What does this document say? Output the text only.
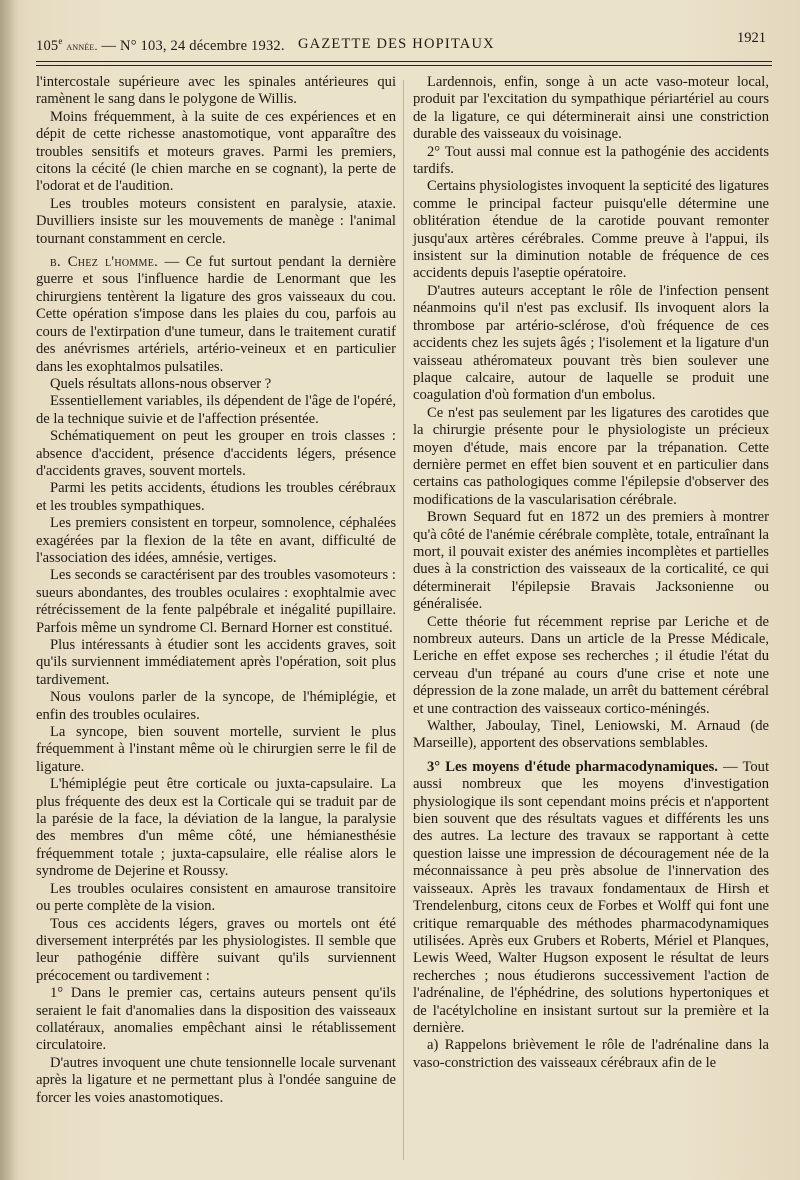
105e année. — N° 103, 24 décembre 1932. GAZETTE DES HOPITAUX	1921

l'intercostale supérieure avec les spinales antérieures qui ramènent le sang dans le polygone de Willis.

Moins fréquemment, à la suite de ces expériences et en dépit de cette richesse anastomotique, vont apparaître des troubles sensitifs et moteurs graves. Parmi les premiers, citons la cécité (le chien marche en se cognant), la perte de l'odorat et de l'audition.

Les troubles moteurs consistent en paralysie, ataxie. Duvilliers insiste sur les mouvements de manège : l'animal tournant constamment en cercle.

b. Chez l'homme. — Ce fut surtout pendant la dernière guerre et sous l'influence hardie de Lenormant que les chirurgiens tentèrent la ligature des gros vaisseaux du cou. Cette opération s'impose dans les plaies du cou, parfois au cours de l'extirpation d'une tumeur, dans le traitement curatif des anévrismes artériels, artério-veineux et en particulier dans les exophtalmos pulsatiles.

Quels résultats allons-nous observer ?

Essentiellement variables, ils dépendent de l'âge de l'opéré, de la technique suivie et de l'affection présentée.

Schématiquement on peut les grouper en trois classes : absence d'accident, présence d'accidents légers, présence d'accidents graves, souvent mortels.

Parmi les petits accidents, étudions les troubles cérébraux et les troubles sympathiques.

Les premiers consistent en torpeur, somnolence, céphalées exagérées par la flexion de la tête en avant, difficulté de l'association des idées, amnésie, vertiges.

Les seconds se caractérisent par des troubles vasomoteurs : sueurs abondantes, des troubles oculaires : exophtalmie avec rétrécissement de la fente palpébrale et inégalité pupillaire. Parfois même un syndrome Cl. Bernard Horner est constitué.

Plus intéressants à étudier sont les accidents graves, soit qu'ils surviennent immédiatement après l'opération, soit plus tardivement.

Nous voulons parler de la syncope, de l'hémiplégie, et enfin des troubles oculaires.

La syncope, bien souvent mortelle, survient le plus fréquemment à l'instant même où le chirurgien serre le fil de ligature.

L'hémiplégie peut être corticale ou juxta-capsulaire. La plus fréquente des deux est la Corticale qui se traduit par de la parésie de la face, la déviation de la langue, la paralysie des membres d'un même côté, une hémianesthésie fréquemment totale ; juxta-capsulaire, elle réalise alors le syndrome de Dejerine et Roussy.

Les troubles oculaires consistent en amaurose transitoire ou perte complète de la vision.

Tous ces accidents légers, graves ou mortels ont été diversement interprétés par les physiologistes. Il semble que leur pathogénie diffère suivant qu'ils surviennent précocement ou tardivement :

1° Dans le premier cas, certains auteurs pensent qu'ils seraient le fait d'anomalies dans la disposition des vaisseaux collatéraux, anomalies empêchant ainsi le rétablissement circulatoire.

D'autres invoquent une chute tensionnelle locale survenant après la ligature et ne permettant plus à l'ondée sanguine de forcer les voies anastomotiques.

Lardennois, enfin, songe à un acte vaso-moteur local, produit par l'excitation du sympathique périartériel au cours de la ligature, ce qui déterminerait ainsi une constriction durable des vaisseaux du voisinage.

2° Tout aussi mal connue est la pathogénie des accidents tardifs.

Certains physiologistes invoquent la septicité des ligatures comme le principal facteur puisqu'elle détermine une oblitération étendue de la carotide pouvant remonter jusqu'aux artères cérébrales. Comme preuve à l'appui, ils insistent sur la diminution notable de fréquence de ces accidents depuis l'aseptie opératoire.

D'autres auteurs acceptant le rôle de l'infection pensent néanmoins qu'il n'est pas exclusif. Ils invoquent alors la thrombose par artério-sclérose, d'où fréquence de ces accidents chez les sujets âgés ; l'isolement et la ligature d'un vaisseau athéromateux pouvant très bien soulever une plaque calcaire, autour de laquelle se produit une coagulation d'où formation d'un embolus.

Ce n'est pas seulement par les ligatures des carotides que la chirurgie présente pour le physiologiste un précieux moyen d'étude, mais encore par la trépanation. Cette dernière permet en effet bien souvent et en particulier dans certains cas pathologiques comme l'épilepsie d'observer des modifications de la vascularisation cérébrale.

Brown Sequard fut en 1872 un des premiers à montrer qu'à côté de l'anémie cérébrale complète, totale, entraînant la mort, il pouvait exister des anémies incomplètes et partielles dues à la constriction des vaisseaux de la corticalité, ce qui déterminerait l'épilepsie Bravais Jacksonienne ou généralisée.

Cette théorie fut récemment reprise par Leriche et de nombreux auteurs. Dans un article de la Presse Médicale, Leriche en effet expose ses recherches ; il étudie l'état du cerveau d'un trépané au cours d'une crise et note une dépression de la zone malade, un arrêt du battement cérébral et une contraction des vaisseaux cortico-méningés.

Walther, Jaboulay, Tinel, Leniowski, M. Arnaud (de Marseille), apportent des observations semblables.

3° Les moyens d'étude pharmacodynamiques. — Tout aussi nombreux que les moyens d'investigation physiologique ils sont cependant moins précis et n'apportent bien souvent que des résultats vagues et différents les uns des autres. La lecture des travaux se rapportant à cette question laisse une impression de découragement née de la méconnaissance à peu près absolue de l'innervation des vaisseaux. Après les travaux fondamentaux de Hirsh et Trendelenburg, citons ceux de Forbes et Wolff qui font une critique remarquable des méthodes pharmacodynamiques utilisées. Après eux Grubers et Roberts, Mériel et Planques, Lewis Weed, Walter Hugson exposent le résultat de leurs recherches ; nous étudierons successivement l'action de l'adrénaline, de l'éphédrine, des solutions hypertoniques et de l'acétylcholine en insistant surtout sur la première et la dernière.

a) Rappelons brièvement le rôle de l'adrénaline dans la vaso-constriction des vaisseaux cérébraux afin de le
